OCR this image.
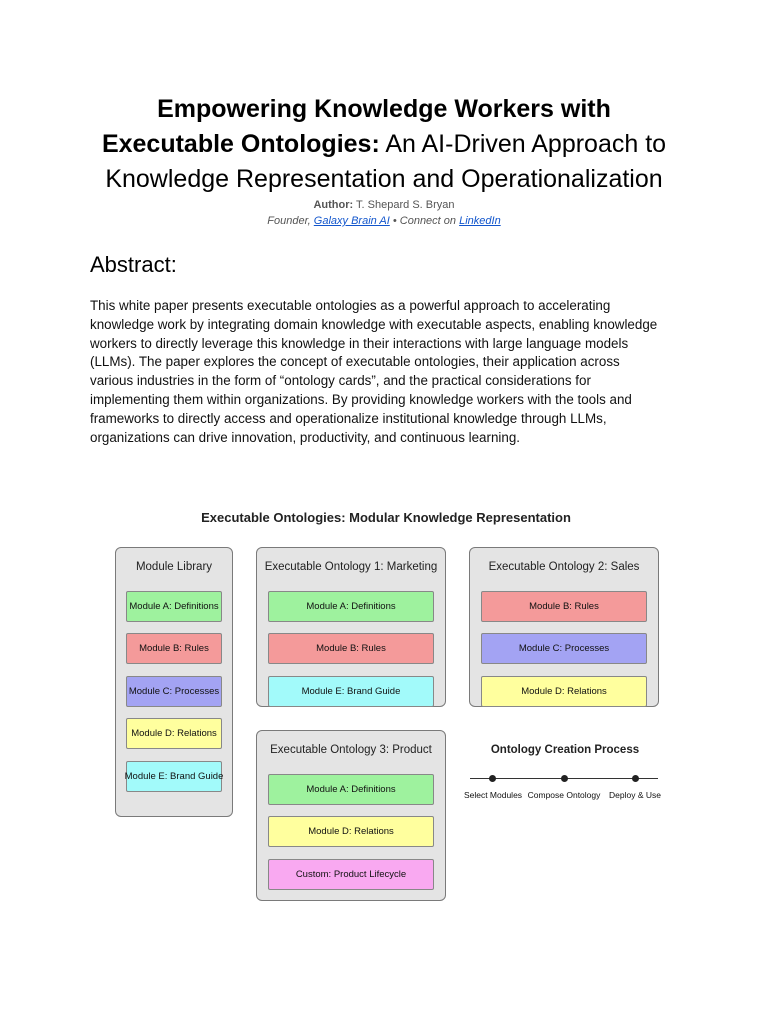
Empowering Knowledge Workers with
Executable Ontologies: An AI-Driven Approach to
Knowledge Representation and Operationalization
Author: T. Shepard S. Bryan
Founder, Galaxy Brain AI • Connect on LinkedIn
Abstract:

This white paper presents executable ontologies as a powerful approach to accelerating
knowledge work by integrating domain knowledge with executable aspects, enabling knowledge
workers to directly leverage this knowledge in their interactions with large language models
(LLMs). The paper explores the concept of executable ontologies, their application across
various industries in the form of “ontology cards”, and the practical considerations for
implementing them within organizations. By providing knowledge workers with the tools and
frameworks to directly access and operationalize institutional knowledge through LLMs,
organizations can drive innovation, productivity, and continuous learning.

Executable Ontologies: Modular Knowledge Representation
Module Library
Module A: Definitions
Module B: Rules
Module C: Processes
Module D: Relations
Module E: Brand Guide
Executable Ontology 1: Marketing
Module A: Definitions
Module B: Rules
Module E: Brand Guide
Executable Ontology 2: Sales
Module B: Rules
Module C: Processes
Module D: Relations
Executable Ontology 3: Product
Module A: Definitions
Module D: Relations
Custom: Product Lifecycle
Ontology Creation Process
Select Modules Compose Ontology Deploy & Use
